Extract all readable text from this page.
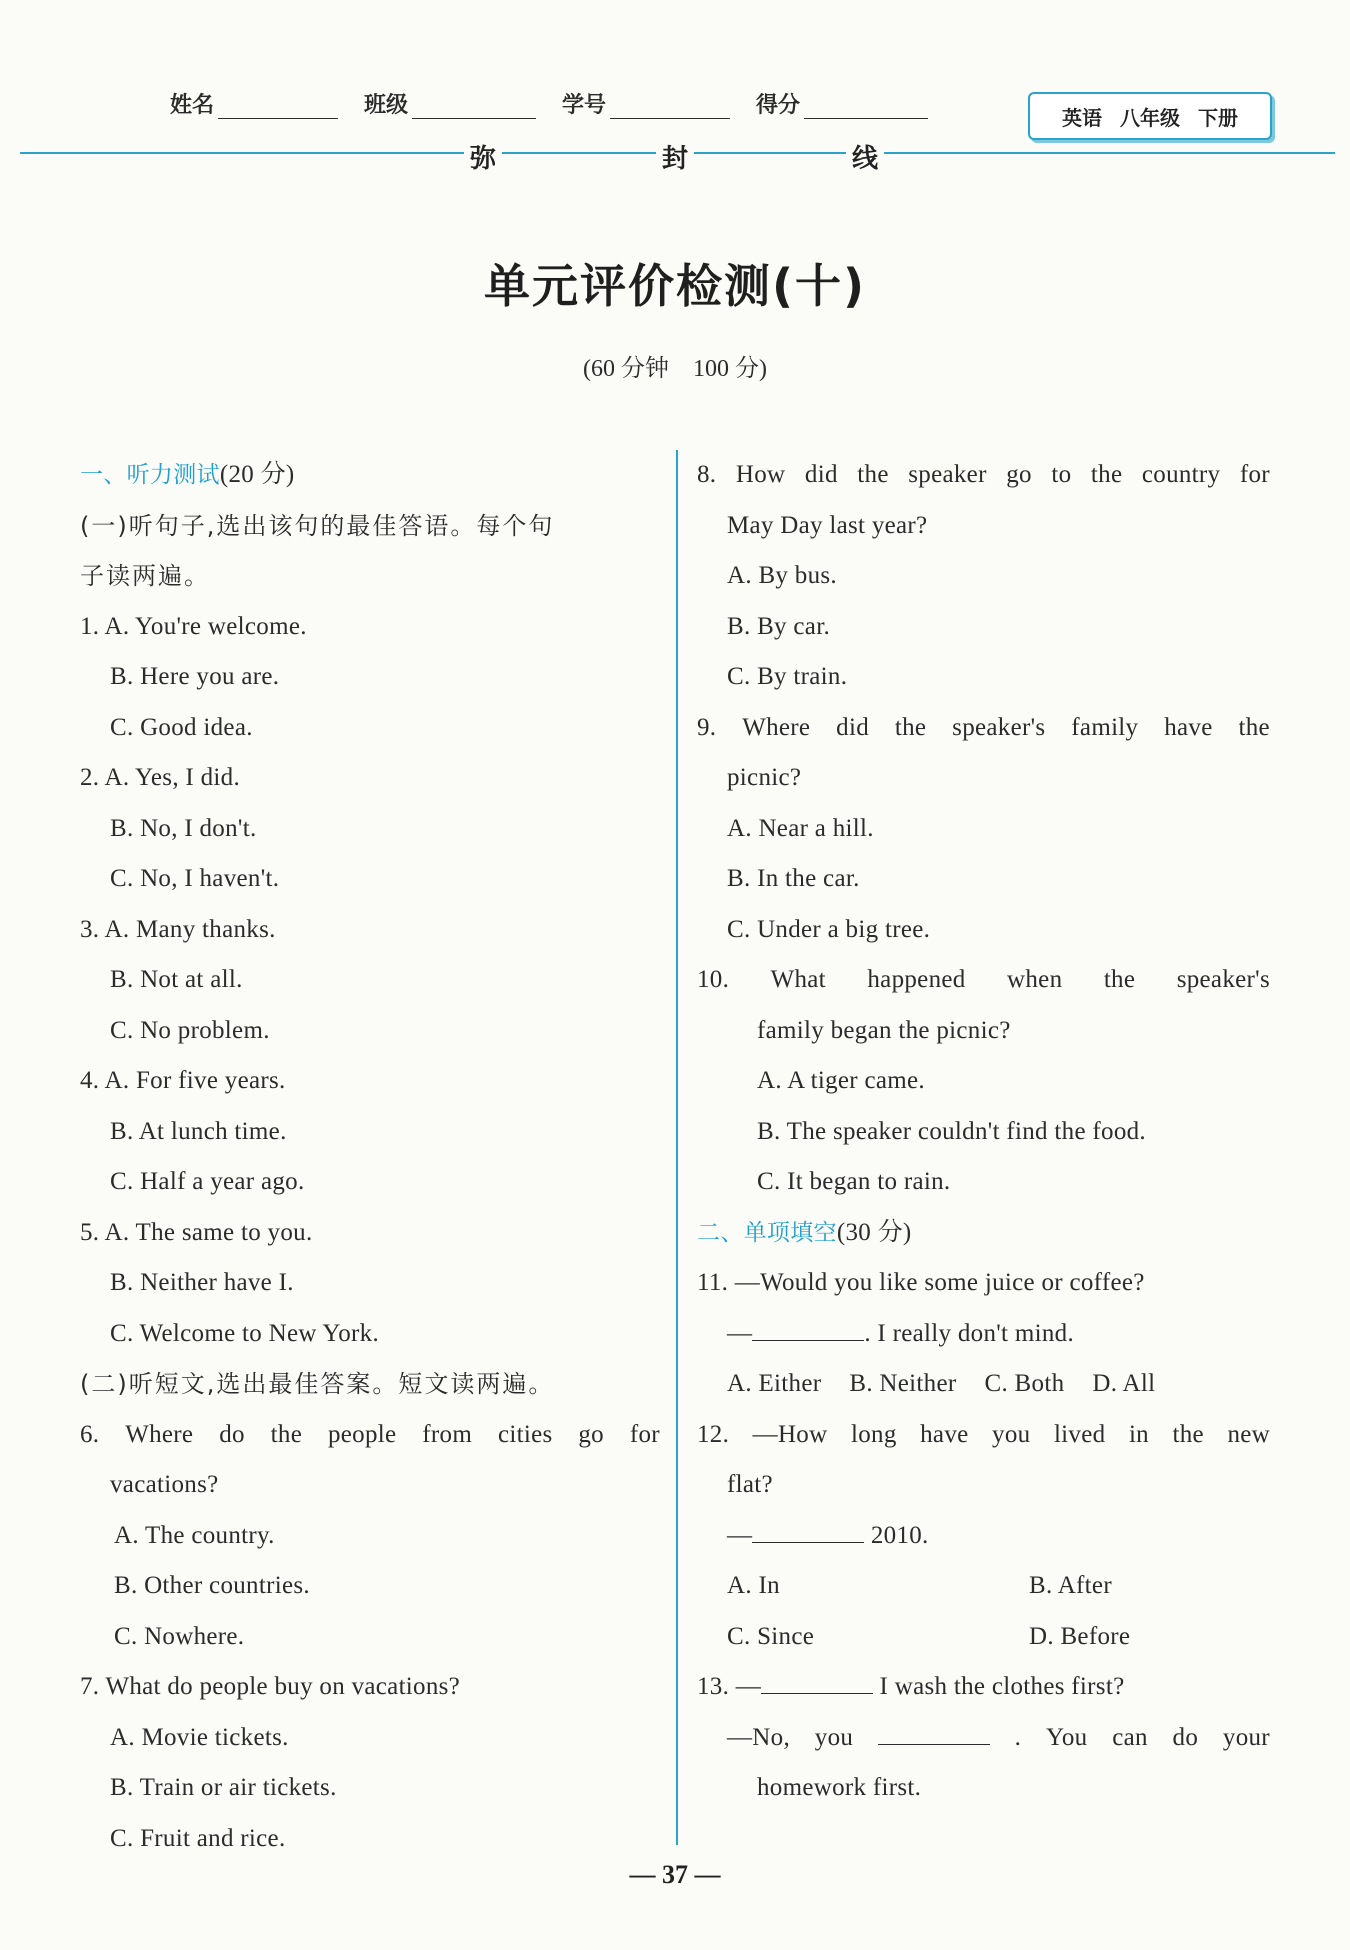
姓名	班级	学号	得分	英语 八年级 下册
弥	封	线
单元评价检测(十)
(60 分钟　100 分)
一、听力测试(20 分)
(一)听句子,选出该句的最佳答语。每个句
子读两遍。
1. A. You're welcome.
B. Here you are.
C. Good idea.
2. A. Yes, I did.
B. No, I don't.
C. No, I haven't.
3. A. Many thanks.
B. Not at all.
C. No problem.
4. A. For five years.
B. At lunch time.
C. Half a year ago.
5. A. The same to you.
B. Neither have I.
C. Welcome to New York.
(二)听短文,选出最佳答案。短文读两遍。
6. Where do the people from cities go for
vacations?
A. The country.
B. Other countries.
C. Nowhere.
7. What do people buy on vacations?
A. Movie tickets.
B. Train or air tickets.
C. Fruit and rice.
8. How did the speaker go to the country for
May Day last year?
A. By bus.
B. By car.
C. By train.
9. Where did the speaker's family have the
picnic?
A. Near a hill.
B. In the car.
C. Under a big tree.
10. What happened when the speaker's
family began the picnic?
A. A tiger came.
B. The speaker couldn't find the food.
C. It began to rain.
二、单项填空(30 分)
11. —Would you like some juice or coffee?
—	. I really don't mind.
A. Either B. Neither C. Both D. All
12. —How long have you lived in the new
flat?
—	2010.
A. In	B. After
C. Since	D. Before
13. —	I wash the clothes first?
—No, you	. You can do your
homework first.
— 37 —
